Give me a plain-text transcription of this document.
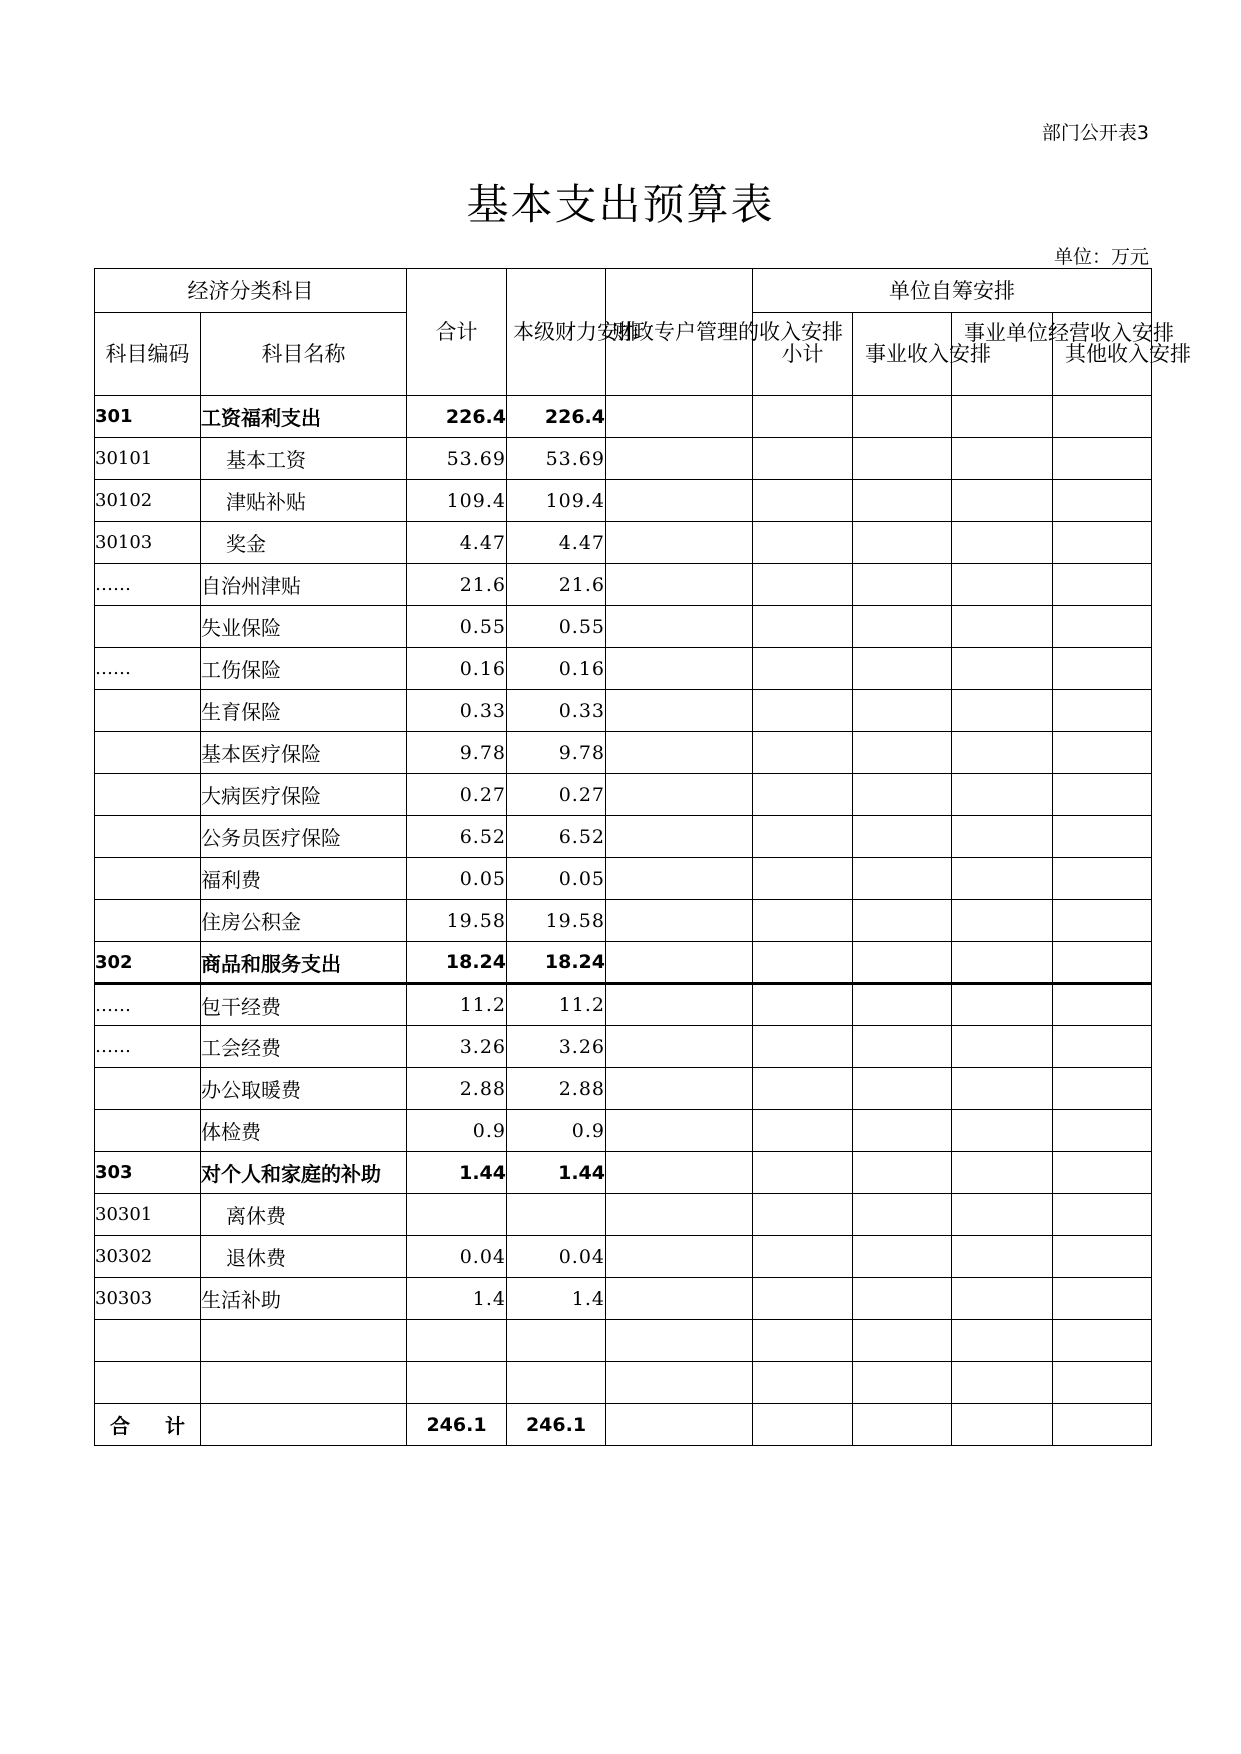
部门公开表3
基本支出预算表
单位：万元
经济分类科目		合计	本级财力安排	财政专户管理的收入安排	单位自筹安排			
科目编码	科目名称				小计	事业收入安排	事业单位经营收入安排	其他收入安排
301	工资福利支出	226.4	226.4					
30101	基本工资	53.69	53.69					
30102	津贴补贴	109.4	109.4					
30103	奖金	4.47	4.47					
……	自治州津贴	21.6	21.6					
	失业保险	0.55	0.55					
……	工伤保险	0.16	0.16					
	生育保险	0.33	0.33					
	基本医疗保险	9.78	9.78					
	大病医疗保险	0.27	0.27					
	公务员医疗保险	6.52	6.52					
	福利费	0.05	0.05					
	住房公积金	19.58	19.58					
302	商品和服务支出	18.24	18.24					
……	包干经费	11.2	11.2					
……	工会经费	3.26	3.26					
	办公取暖费	2.88	2.88					
	体检费	0.9	0.9					
303	对个人和家庭的补助	1.44	1.44					
30301	离休费							
30302	退休费	0.04	0.04					
30303	生活补助	1.4	1.4					

合 计		246.1	246.1					
